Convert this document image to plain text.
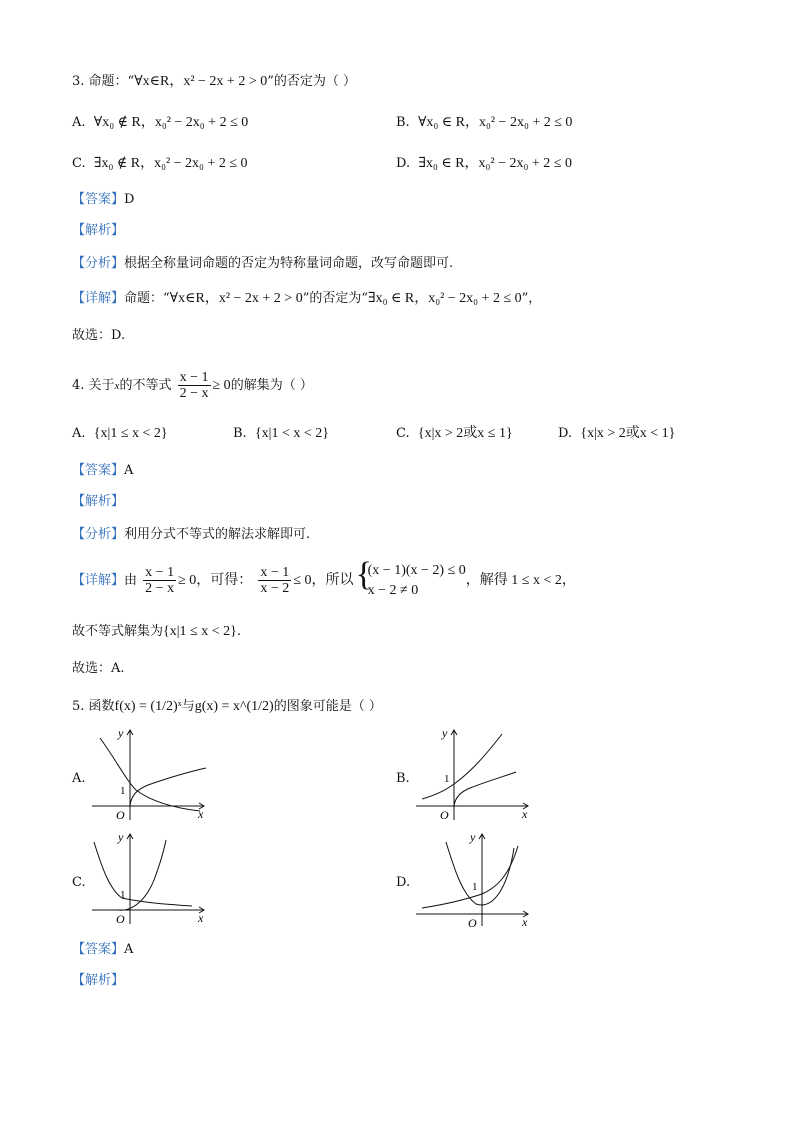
3. 命题：“∀x∈R，x² − 2x + 2 > 0”的否定为（ ）
A. ∀x₀ ∉ R，x₀² − 2x₀ + 2 ≤ 0	B. ∀x₀ ∈ R，x₀² − 2x₀ + 2 ≤ 0
C. ∃x₀ ∉ R，x₀² − 2x₀ + 2 ≤ 0	D. ∃x₀ ∈ R，x₀² − 2x₀ + 2 ≤ 0
【答案】D
【解析】
【分析】根据全称量词命题的否定为特称量词命题，改写命题即可.
【详解】命题：“∀x∈R，x² − 2x + 2 > 0”的否定为“∃x₀ ∈ R，x₀² − 2x₀ + 2 ≤ 0”，
故选：D.
4. 关于x的不等式 $\frac{x - 1}{2 - x} \ge 0$的解集为（ ）
A. {x|1 ≤ x < 2}	B. {x|1 < x < 2}	C. {x|x > 2或x ≤ 1}	D. {x|x > 2或x < 1}
【答案】A
【解析】
【分析】利用分式不等式的解法求解即可.
【详解】由 $\frac{x - 1}{2 - x} \ge 0$，可得： $\frac{x - 1}{x - 2} \le 0$，所以
{ (x − 1)(x − 2) ≤ 0
x − 2 ≠ 0
，解得 1 ≤ x < 2，
故不等式解集为{x|1 ≤ x < 2}.
故选：A.
5. 函数f(x) = (1/2)ˣ与g(x) = x^(1/2)的图象可能是（ ）
A.	B.
C.	D.
y
x
O
1
y
x
O
1
y
x
O
1
y
x
O
1
【答案】A
【解析】
